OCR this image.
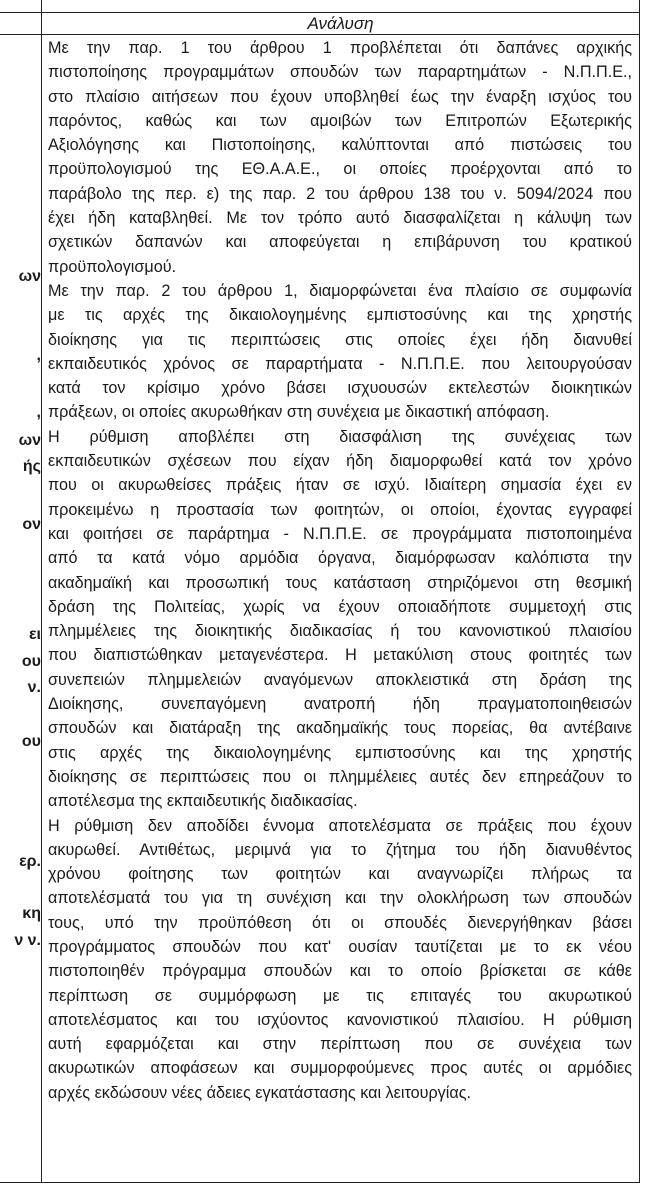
Ανάλυση
ων
,
,
ων
ής
ον
ει
ου
ν.
ου
ερ.
κη
ν ν.
Με την παρ. 1 του άρθρου 1 προβλέπεται ότι δαπάνες αρχικής
πιστοποίησης προγραμμάτων σπουδών των παραρτημάτων - Ν.Π.Π.Ε.,
στο πλαίσιο αιτήσεων που έχουν υποβληθεί έως την έναρξη ισχύος του
παρόντος, καθώς και των αμοιβών των Επιτροπών Εξωτερικής
Αξιολόγησης και Πιστοποίησης, καλύπτονται από πιστώσεις του
προϋπολογισμού της ΕΘ.Α.Α.Ε., οι οποίες προέρχονται από το
παράβολο της περ. ε) της παρ. 2 του άρθρου 138 του ν. 5094/2024 που
έχει ήδη καταβληθεί. Με τον τρόπο αυτό διασφαλίζεται η κάλυψη των
σχετικών δαπανών και αποφεύγεται η επιβάρυνση του κρατικού
προϋπολογισμού.
Με την παρ. 2 του άρθρου 1, διαμορφώνεται ένα πλαίσιο σε συμφωνία
με τις αρχές της δικαιολογημένης εμπιστοσύνης και της χρηστής
διοίκησης για τις περιπτώσεις στις οποίες έχει ήδη διανυθεί
εκπαιδευτικός χρόνος σε παραρτήματα - Ν.Π.Π.Ε. που λειτουργούσαν
κατά τον κρίσιμο χρόνο βάσει ισχυουσών εκτελεστών διοικητικών
πράξεων, οι οποίες ακυρωθήκαν στη συνέχεια με δικαστική απόφαση.
Η ρύθμιση αποβλέπει στη διασφάλιση της συνέχειας των
εκπαιδευτικών σχέσεων που είχαν ήδη διαμορφωθεί κατά τον χρόνο
που οι ακυρωθείσες πράξεις ήταν σε ισχύ. Ιδιαίτερη σημασία έχει εν
προκειμένω η προστασία των φοιτητών, οι οποίοι, έχοντας εγγραφεί
και φοιτήσει σε παράρτημα - Ν.Π.Π.Ε. σε προγράμματα πιστοποιημένα
από τα κατά νόμο αρμόδια όργανα, διαμόρφωσαν καλόπιστα την
ακαδημαϊκή και προσωπική τους κατάσταση στηριζόμενοι στη θεσμική
δράση της Πολιτείας, χωρίς να έχουν οποιαδήποτε συμμετοχή στις
πλημμέλειες της διοικητικής διαδικασίας ή του κανονιστικού πλαισίου
που διαπιστώθηκαν μεταγενέστερα. Η μετακύλιση στους φοιτητές των
συνεπειών πλημμελειών αναγόμενων αποκλειστικά στη δράση της
Διοίκησης, συνεπαγόμενη ανατροπή ήδη πραγματοποιηθεισών
σπουδών και διατάραξη της ακαδημαϊκής τους πορείας, θα αντέβαινε
στις αρχές της δικαιολογημένης εμπιστοσύνης και της χρηστής
διοίκησης σε περιπτώσεις που οι πλημμέλειες αυτές δεν επηρεάζουν το
αποτέλεσμα της εκπαιδευτικής διαδικασίας.
Η ρύθμιση δεν αποδίδει έννομα αποτελέσματα σε πράξεις που έχουν
ακυρωθεί. Αντιθέτως, μεριμνά για το ζήτημα του ήδη διανυθέντος
χρόνου φοίτησης των φοιτητών και αναγνωρίζει πλήρως τα
αποτελέσματά του για τη συνέχιση και την ολοκλήρωση των σπουδών
τους, υπό την προϋπόθεση ότι οι σπουδές διενεργήθηκαν βάσει
προγράμματος σπουδών που κατ' ουσίαν ταυτίζεται με το εκ νέου
πιστοποιηθέν πρόγραμμα σπουδών και το οποίο βρίσκεται σε κάθε
περίπτωση σε συμμόρφωση με τις επιταγές του ακυρωτικού
αποτελέσματος και του ισχύοντος κανονιστικού πλαισίου. Η ρύθμιση
αυτή εφαρμόζεται και στην περίπτωση που σε συνέχεια των
ακυρωτικών αποφάσεων και συμμορφούμενες προς αυτές οι αρμόδιες
αρχές εκδώσουν νέες άδειες εγκατάστασης και λειτουργίας.
